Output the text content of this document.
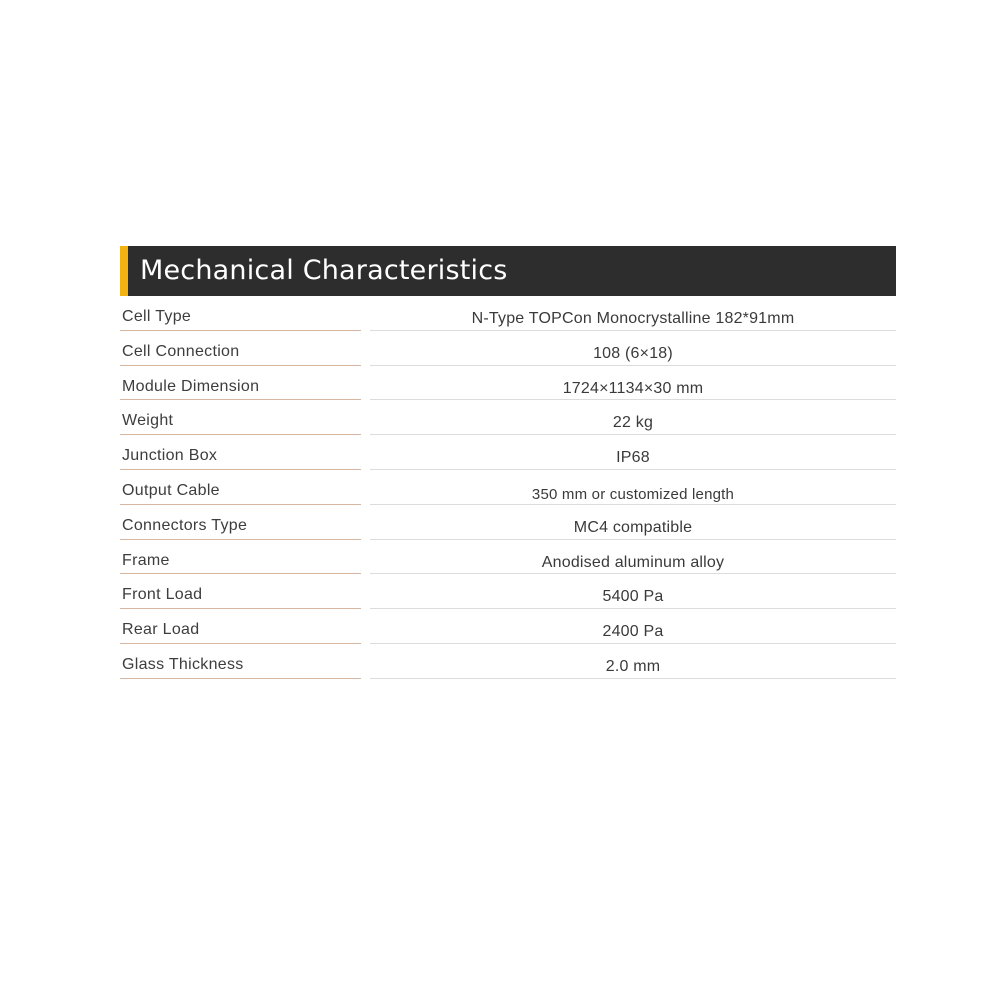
Mechanical Characteristics
Cell Type	N-Type TOPCon Monocrystalline 182*91mm
Cell Connection	108 (6×18)
Module Dimension	1724×1134×30 mm
Weight	22 kg
Junction Box	IP68
Output Cable	350 mm or customized length
Connectors Type	MC4 compatible
Frame	Anodised aluminum alloy
Front Load	5400 Pa
Rear Load	2400 Pa
Glass Thickness	2.0 mm
